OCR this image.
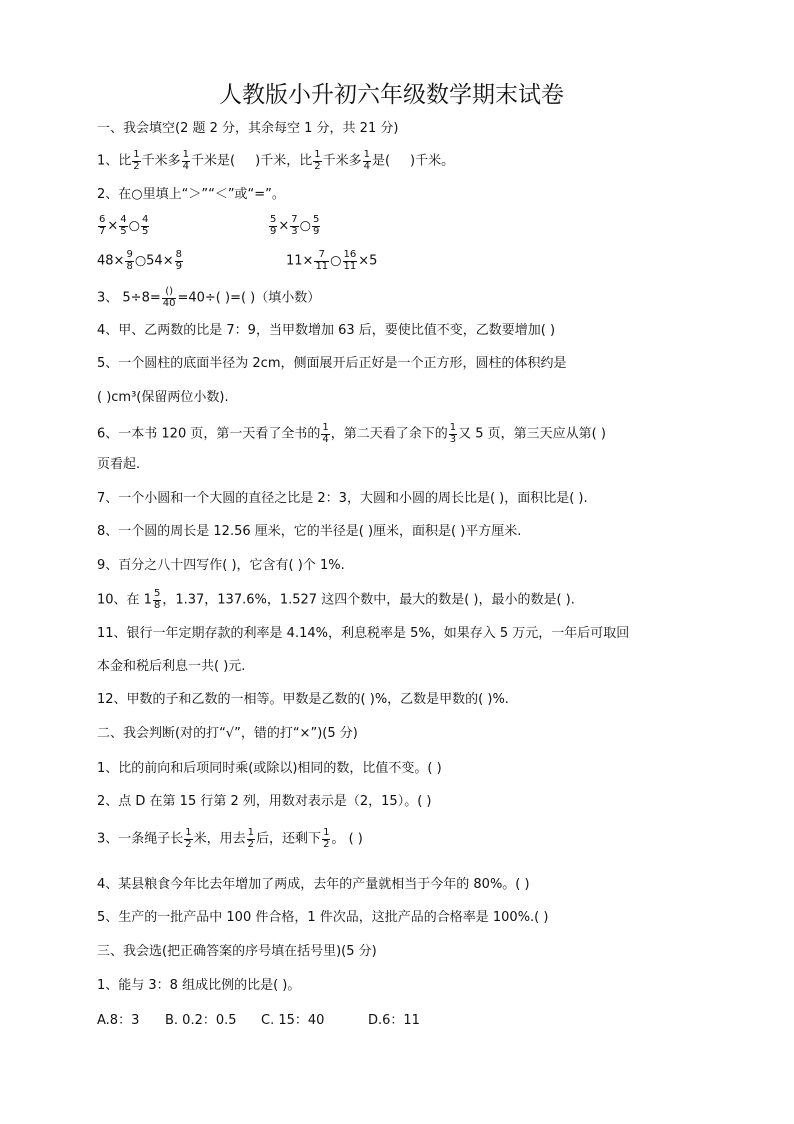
人教版小升初六年级数学期末试卷
一、我会填空(2 题 2 分，其余每空 1 分，共 21 分)
1、比 $\frac{1}{2}$ 千米多 $\frac{1}{4}$ 千米是( )千米，比 $\frac{1}{2}$ 千米多 $\frac{1}{4}$ 是( )千米。
2、在○里填上“＞”“＜”或“=”。
$\frac{6}{7} \times \frac{4}{5}$ ○ $\frac{4}{5}$	$\frac{5}{9} \times \frac{7}{3}$ ○ $\frac{5}{9}$
$48\times \frac{9}{8}$ ○54× $\frac{8}{9}$	$11\times \frac{7}{11}$ ○ $\frac{16}{11} \times 5$
3、 $5\div 8= \frac{()}{40} =40\div$( )=( )（填小数）
4、甲、乙两数的比是 7：9，当甲数增加 63 后，要使比值不变，乙数要增加( )
5、一个圆柱的底面半径为 2cm，侧面展开后正好是一个正方形，圆柱的体积约是
( )cm³(保留两位小数).
6、一本书 120 页，第一天看了全书的 $\frac{1}{4}$ ，第二天看了余下的 $\frac{1}{3}$ 又 5 页，第三天应从第( )
页看起.
7、一个小圆和一个大圆的直径之比是 2：3，大圆和小圆的周长比是( )，面积比是( ).
8、一个圆的周长是 12.56 厘米，它的半径是( )厘米，面积是( )平方厘米.
9、百分之八十四写作( )，它含有( )个 1%.
10、在 $1 \frac{5}{8}$ ，1.37，137.6%，1.527 这四个数中，最大的数是( )，最小的数是( ).
11、银行一年定期存款的利率是 4.14%，利息税率是 5%，如果存入 5 万元，一年后可取回
本金和税后利息一共( )元.
12、甲数的子和乙数的一相等。甲数是乙数的( )%，乙数是甲数的( )%.
二、我会判断(对的打“√”，错的打“×”)(5 分)
1、比的前向和后项同时乘(或除以)相同的数，比值不变。( )
2、点 D 在第 15 行第 2 列，用数对表示是（2，15）。( )
3、一条绳子长 $\frac{1}{2}$ 米，用去 $\frac{1}{2}$ 后，还剩下 $\frac{1}{2}$ 。 ( )
4、某县粮食今年比去年增加了两成，去年的产量就相当于今年的 80%。( )
5、生产的一批产品中 100 件合格，1 件次品，这批产品的合格率是 100%.( )
三、我会选(把正确答案的序号填在括号里)(5 分)
1、能与 3：8 组成比例的比是( )。
A.8：3 B. 0.2：0.5 C. 15：40	D.6：11
